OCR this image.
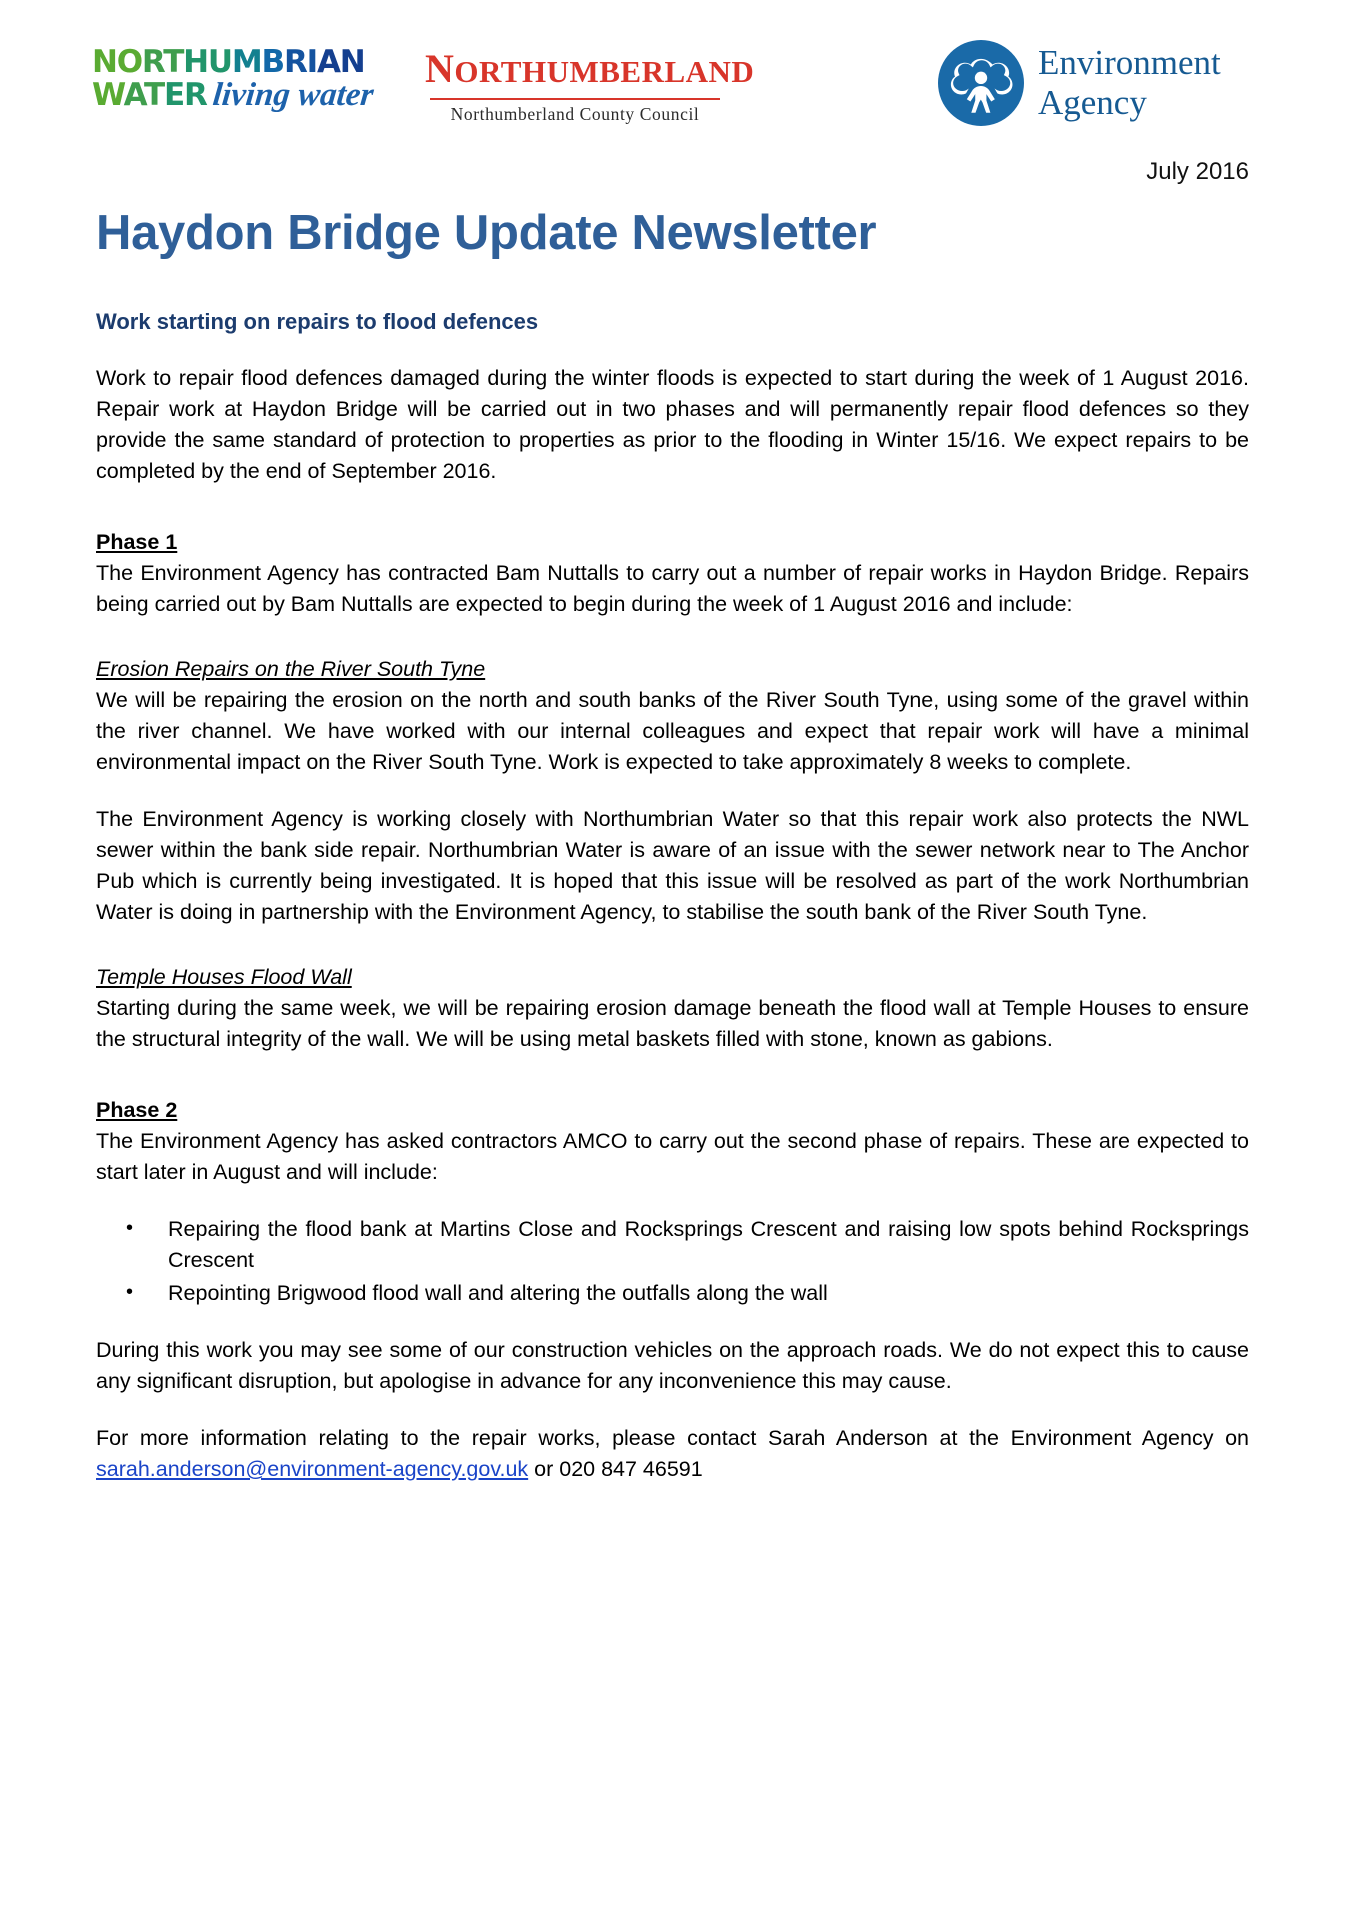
NORTHUMBRIAN
WATER living water
NORTHUMBERLAND
Northumberland County Council
Environment
Agency
July 2016
Haydon Bridge Update Newsletter
Work starting on repairs to flood defences

Work to repair flood defences damaged during the winter floods is expected to start during the week of 1 August 2016. Repair work at Haydon Bridge will be carried out in two phases and will permanently repair flood defences so they provide the same standard of protection to properties as prior to the flooding in Winter 15/16. We expect repairs to be completed by the end of September 2016.

Phase 1

The Environment Agency has contracted Bam Nuttalls to carry out a number of repair works in Haydon Bridge. Repairs being carried out by Bam Nuttalls are expected to begin during the week of 1 August 2016 and include:

Erosion Repairs on the River South Tyne

We will be repairing the erosion on the north and south banks of the River South Tyne, using some of the gravel within the river channel. We have worked with our internal colleagues and expect that repair work will have a minimal environmental impact on the River South Tyne. Work is expected to take approximately 8 weeks to complete.

The Environment Agency is working closely with Northumbrian Water so that this repair work also protects the NWL sewer within the bank side repair. Northumbrian Water is aware of an issue with the sewer network near to The Anchor Pub which is currently being investigated. It is hoped that this issue will be resolved as part of the work Northumbrian Water is doing in partnership with the Environment Agency, to stabilise the south bank of the River South Tyne.

Temple Houses Flood Wall

Starting during the same week, we will be repairing erosion damage beneath the flood wall at Temple Houses to ensure the structural integrity of the wall. We will be using metal baskets filled with stone, known as gabions.

Phase 2

The Environment Agency has asked contractors AMCO to carry out the second phase of repairs. These are expected to start later in August and will include:

• Repairing the flood bank at Martins Close and Rocksprings Crescent and raising low spots behind Rocksprings Crescent
• Repointing Brigwood flood wall and altering the outfalls along the wall

During this work you may see some of our construction vehicles on the approach roads. We do not expect this to cause any significant disruption, but apologise in advance for any inconvenience this may cause.

For more information relating to the repair works, please contact Sarah Anderson at the Environment Agency on sarah.anderson@environment-agency.gov.uk or 020 847 46591
